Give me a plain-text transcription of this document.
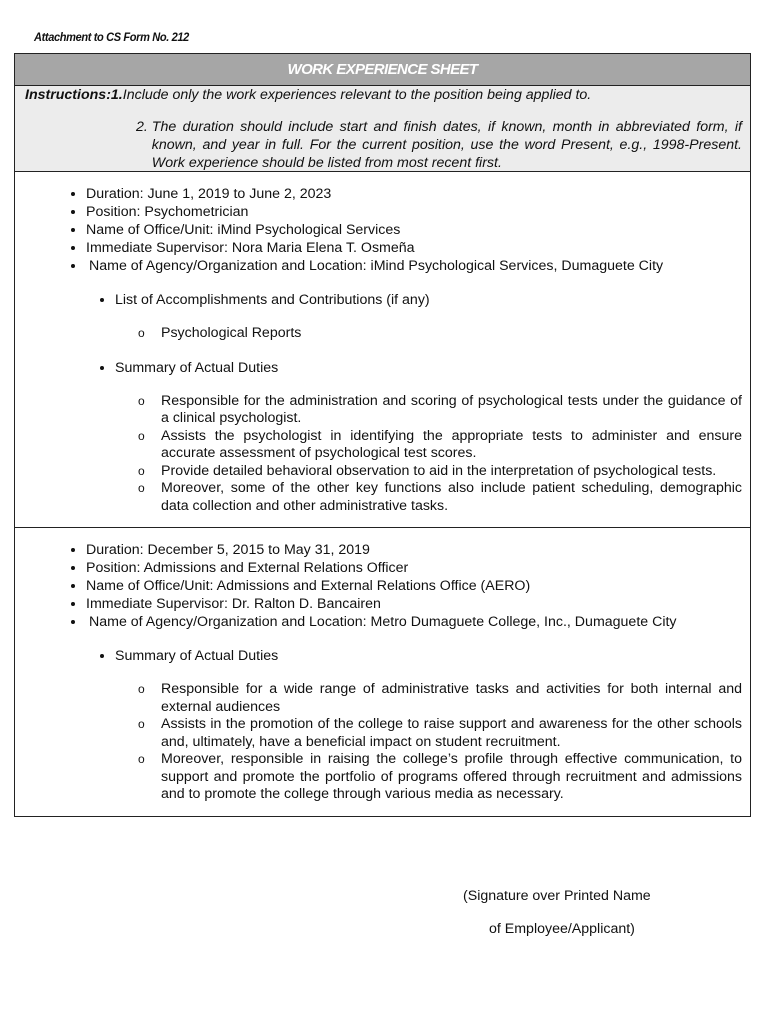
Attachment to CS Form No. 212
WORK EXPERIENCE SHEET
Instructions: 1. Include only the work experiences relevant to the position being applied to.
2.
The duration should include start and finish dates, if known, month in abbreviated form, if known, and year in full. For the current position, use the word Present, e.g., 1998-Present. Work experience should be listed from most recent first.
• Duration: June 1, 2019 to June 2, 2023
• Position: Psychometrician
• Name of Office/Unit: iMind Psychological Services
• Immediate Supervisor: Nora Maria Elena T. Osmeña
• Name of Agency/Organization and Location: iMind Psychological Services, Dumaguete City
• List of Accomplishments and Contributions (if any)
o Psychological Reports
• Summary of Actual Duties
o Responsible for the administration and scoring of psychological tests under the guidance of a clinical psychologist.
o Assists the psychologist in identifying the appropriate tests to administer and ensure accurate assessment of psychological test scores.
o Provide detailed behavioral observation to aid in the interpretation of psychological tests.
o Moreover, some of the other key functions also include patient scheduling, demographic data collection and other administrative tasks.
• Duration: December 5, 2015 to May 31, 2019
• Position: Admissions and External Relations Officer
• Name of Office/Unit: Admissions and External Relations Office (AERO)
• Immediate Supervisor: Dr. Ralton D. Bancairen
• Name of Agency/Organization and Location: Metro Dumaguete College, Inc., Dumaguete City
• Summary of Actual Duties
o Responsible for a wide range of administrative tasks and activities for both internal and external audiences
o Assists in the promotion of the college to raise support and awareness for the other schools and, ultimately, have a beneficial impact on student recruitment.
o Moreover, responsible in raising the college’s profile through effective communication, to support and promote the portfolio of programs offered through recruitment and admissions and to promote the college through various media as necessary.
(Signature over Printed Name
of Employee/Applicant)
